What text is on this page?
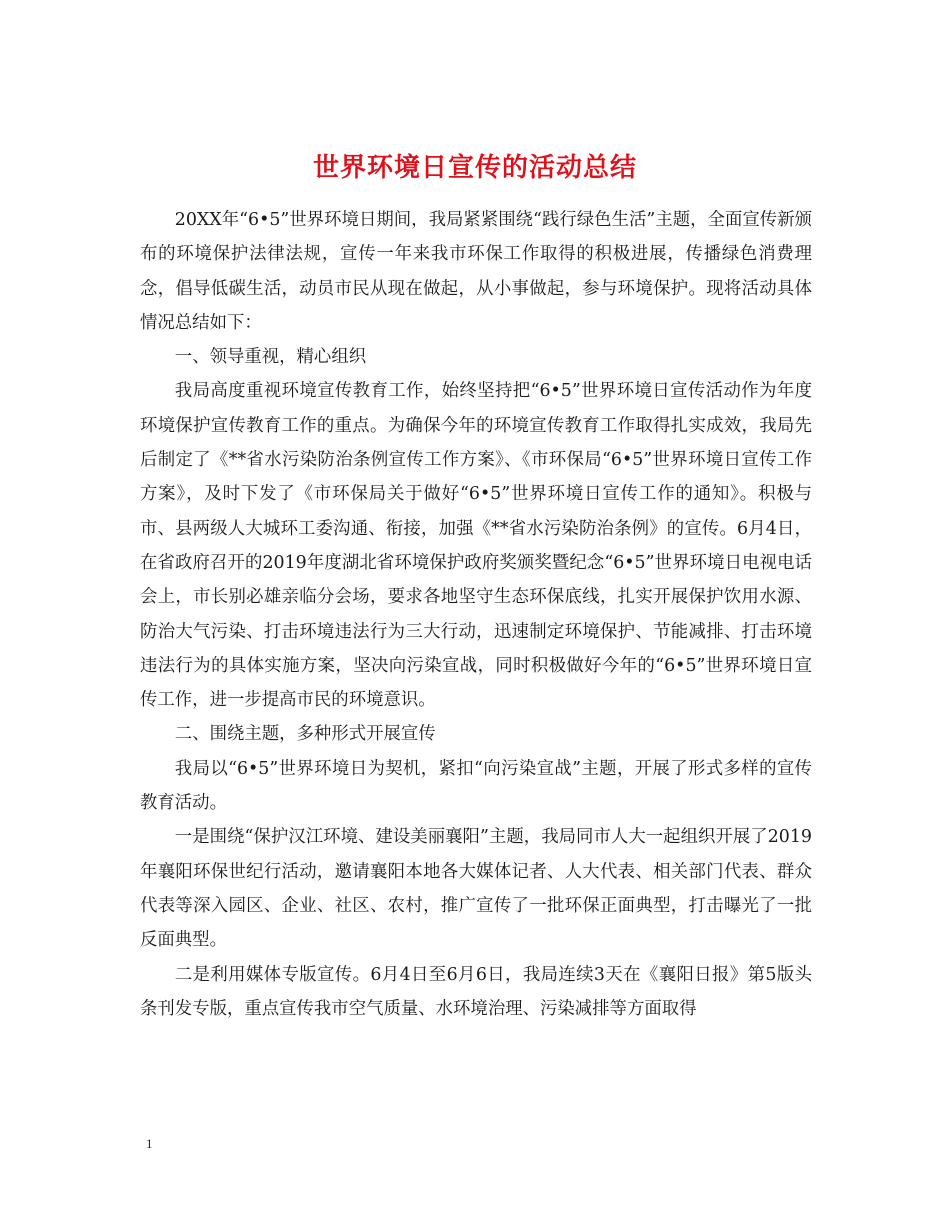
世界环境日宣传的活动总结

20XX年“6•5”世界环境日期间，我局紧紧围绕“践行绿色生活”主题，全面宣传新颁布的环境保护法律法规，宣传一年来我市环保工作取得的积极进展，传播绿色消费理念，倡导低碳生活，动员市民从现在做起，从小事做起，参与环境保护。现将活动具体情况总结如下：

一、领导重视，精心组织

我局高度重视环境宣传教育工作，始终坚持把“6•5”世界环境日宣传活动作为年度环境保护宣传教育工作的重点。为确保今年的环境宣传教育工作取得扎实成效，我局先后制定了《**省水污染防治条例宣传工作方案》、《市环保局“6•5”世界环境日宣传工作方案》，及时下发了《市环保局关于做好“6•5”世界环境日宣传工作的通知》。积极与市、县两级人大城环工委沟通、衔接，加强《**省水污染防治条例》的宣传。6月4日，在省政府召开的2019年度湖北省环境保护政府奖颁奖暨纪念“6•5”世界环境日电视电话会上，市长别必雄亲临分会场，要求各地坚守生态环保底线，扎实开展保护饮用水源、防治大气污染、打击环境违法行为三大行动，迅速制定环境保护、节能减排、打击环境违法行为的具体实施方案，坚决向污染宣战，同时积极做好今年的“6•5”世界环境日宣传工作，进一步提高市民的环境意识。

二、围绕主题，多种形式开展宣传

我局以“6•5”世界环境日为契机，紧扣“向污染宣战”主题，开展了形式多样的宣传教育活动。

一是围绕“保护汉江环境、建设美丽襄阳”主题，我局同市人大一起组织开展了2019年襄阳环保世纪行活动，邀请襄阳本地各大媒体记者、人大代表、相关部门代表、群众代表等深入园区、企业、社区、农村，推广宣传了一批环保正面典型，打击曝光了一批反面典型。

二是利用媒体专版宣传。6月4日至6月6日，我局连续3天在《襄阳日报》第5版头条刊发专版，重点宣传我市空气质量、水环境治理、污染减排等方面取得

1
